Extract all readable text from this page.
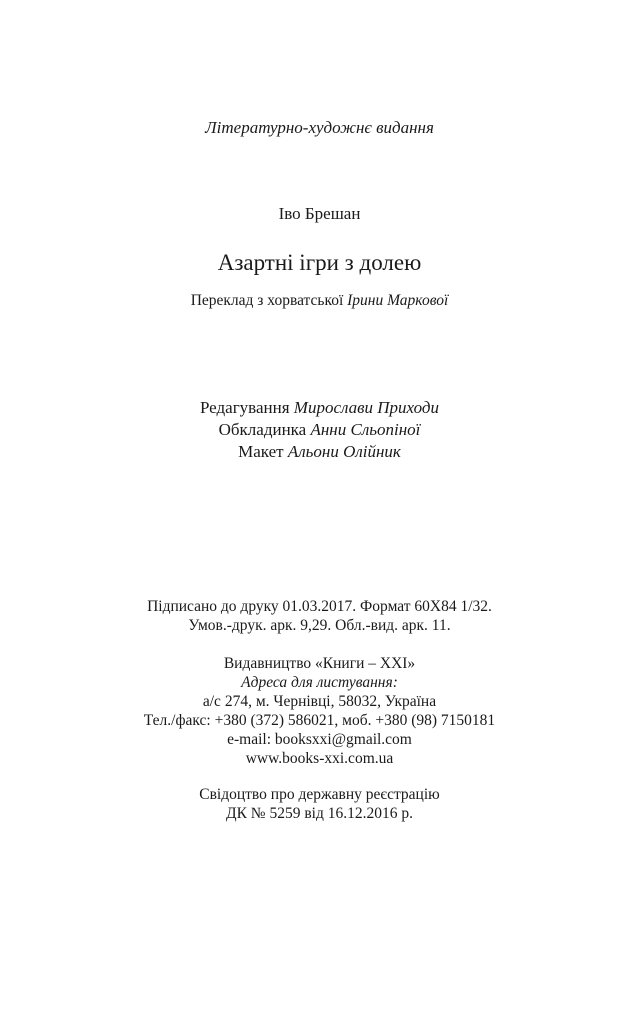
Літературно-художнє видання
Іво Брешан
Азартні ігри з долею
Переклад з хорватської Ірини Маркової
Редагування Мирослави Приходи
Обкладинка Анни Сльопіної
Макет Альони Олійник
Підписано до друку 01.03.2017. Формат 60Х84 1/32.
Умов.-друк. арк. 9,29. Обл.-вид. арк. 11.
Видавництво «Книги – ХХІ»
Адреса для листування:
а/с 274, м. Чернівці, 58032, Україна
Тел./факс: +380 (372) 586021, моб. +380 (98) 7150181
e-mail: booksxxi@gmail.com
www.books-xxi.com.ua
Свідоцтво про державну реєстрацію
ДК № 5259 від 16.12.2016 р.
